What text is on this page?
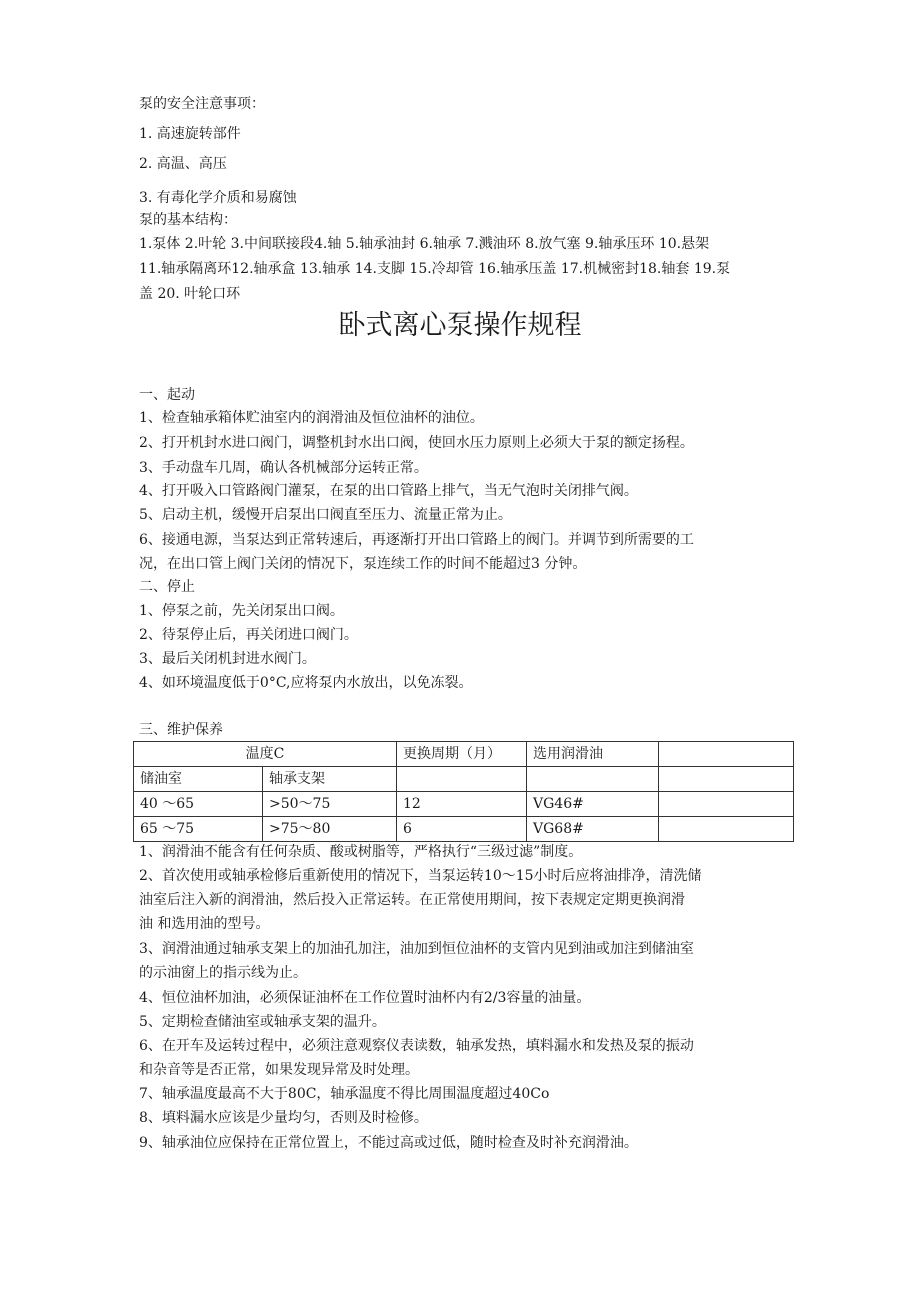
泵的安全注意事项：
1. 高速旋转部件
2. 高温、高压
3. 有毒化学介质和易腐蚀
泵的基本结构：
1.泵体 2.叶轮 3.中间联接段4.轴 5.轴承油封 6.轴承 7.溅油环 8.放气塞 9.轴承压环 10.悬架
11.轴承隔离环12.轴承盒 13.轴承 14.支脚 15.冷却管 16.轴承压盖 17.机械密封18.轴套 19.泵
盖 20. 叶轮口环
卧式离心泵操作规程
一、起动
1、检查轴承箱体贮油室内的润滑油及恒位油杯的油位。
2、打开机封水进口阀门，调整机封水出口阀，使回水压力原则上必须大于泵的额定扬程。
3、手动盘车几周，确认各机械部分运转正常。
4、打开吸入口管路阀门灌泵，在泵的出口管路上排气，当无气泡时关闭排气阀。
5、启动主机，缓慢开启泵出口阀直至压力、流量正常为止。
6、接通电源，当泵达到正常转速后，再逐渐打开出口管路上的阀门。并调节到所需要的工
况，在出口管上阀门关闭的情况下，泵连续工作的时间不能超过3 分钟。
二、停止
1、停泵之前，先关闭泵出口阀。
2、待泵停止后，再关闭进口阀门。
3、最后关闭机封进水阀门。
4、如环境温度低于0°C,应将泵内水放出，以免冻裂。
三、维护保养
温度C		更换周期（月）	选用润滑油	
储油室	轴承支架			
40 〜65	>50〜75	12	VG46#	
65 〜75	>75〜80	6	VG68#	
1、润滑油不能含有任何杂质、酸或树脂等，严格执行“三级过滤”制度。
2、首次使用或轴承检修后重新使用的情况下，当泵运转10〜15小时后应将油排净，清洗储
油室后注入新的润滑油，然后投入正常运转。在正常使用期间，按下表规定定期更换润滑
油 和选用油的型号。
3、润滑油通过轴承支架上的加油孔加注，油加到恒位油杯的支管内见到油或加注到储油室
的示油窗上的指示线为止。
4、恒位油杯加油，必须保证油杯在工作位置时油杯内有2/3容量的油量。
5、定期检查储油室或轴承支架的温升。
6、在开车及运转过程中，必须注意观察仪表读数，轴承发热，填料漏水和发热及泵的振动
和杂音等是否正常，如果发现异常及时处理。
7、轴承温度最高不大于80C，轴承温度不得比周围温度超过40Co
8、填料漏水应该是少量均匀，否则及时检修。
9、轴承油位应保持在正常位置上，不能过高或过低，随时检查及时补充润滑油。
